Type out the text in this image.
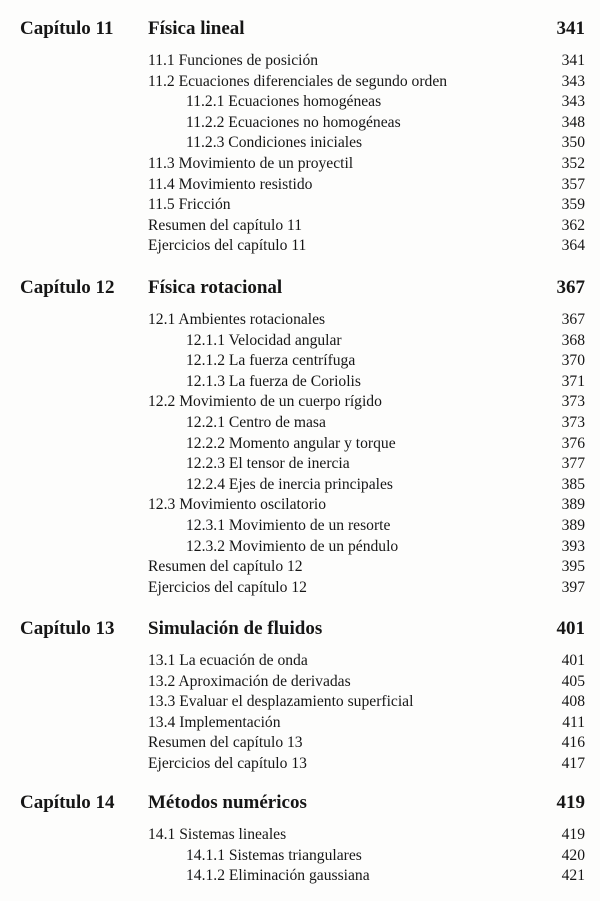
Capítulo 11 Física lineal	341
11.1 Funciones de posición	341
11.2 Ecuaciones diferenciales de segundo orden	343
11.2.1 Ecuaciones homogéneas	343
11.2.2 Ecuaciones no homogéneas	348
11.2.3 Condiciones iniciales	350
11.3 Movimiento de un proyectil	352
11.4 Movimiento resistido	357
11.5 Fricción	359
Resumen del capítulo 11	362
Ejercicios del capítulo 11	364
Capítulo 12 Física rotacional	367
12.1 Ambientes rotacionales	367
12.1.1 Velocidad angular	368
12.1.2 La fuerza centrífuga	370
12.1.3 La fuerza de Coriolis	371
12.2 Movimiento de un cuerpo rígido	373
12.2.1 Centro de masa	373
12.2.2 Momento angular y torque	376
12.2.3 El tensor de inercia	377
12.2.4 Ejes de inercia principales	385
12.3 Movimiento oscilatorio	389
12.3.1 Movimiento de un resorte	389
12.3.2 Movimiento de un péndulo	393
Resumen del capítulo 12	395
Ejercicios del capítulo 12	397
Capítulo 13 Simulación de fluidos	401
13.1 La ecuación de onda	401
13.2 Aproximación de derivadas	405
13.3 Evaluar el desplazamiento superficial	408
13.4 Implementación	411
Resumen del capítulo 13	416
Ejercicios del capítulo 13	417
Capítulo 14 Métodos numéricos	419
14.1 Sistemas lineales	419
14.1.1 Sistemas triangulares	420
14.1.2 Eliminación gaussiana	421
